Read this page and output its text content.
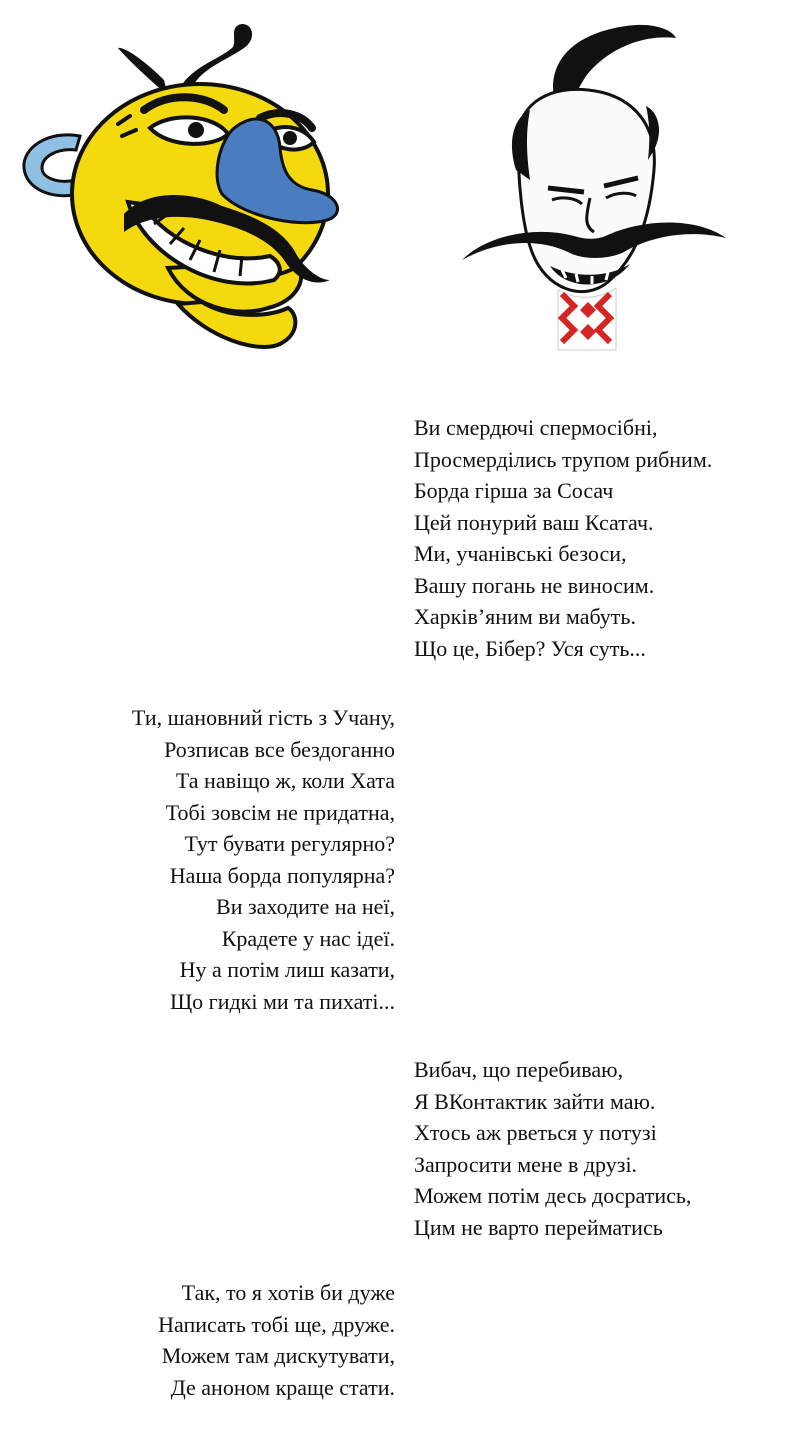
Ви смердючі спермосібні,
Просмерділись трупом рибним.
Борда гірша за Сосач
Цей понурий ваш Ксатач.
Ми, учанівські безоси,
Вашу погань не виносим.
Харків’яним ви мабуть.
Що це, Бібер? Уся суть...
Ти, шановний гість з Учану,
Розписав все бездоганно
Та навіщо ж, коли Хата
Тобі зовсім не придатна,
Тут бувати регулярно?
Наша борда популярна?
Ви заходите на неї,
Крадете у нас ідеї.
Ну а потім лиш казати,
Що гидкі ми та пихаті...
Вибач, що перебиваю,
Я ВКонтактик зайти маю.
Хтось аж рветься у потузі
Запросити мене в друзі.
Можем потім десь досратись,
Цим не варто перейматись
Так, то я хотів би дуже
Написать тобі ще, друже.
Можем там дискутувати,
Де аноном краще стати.
